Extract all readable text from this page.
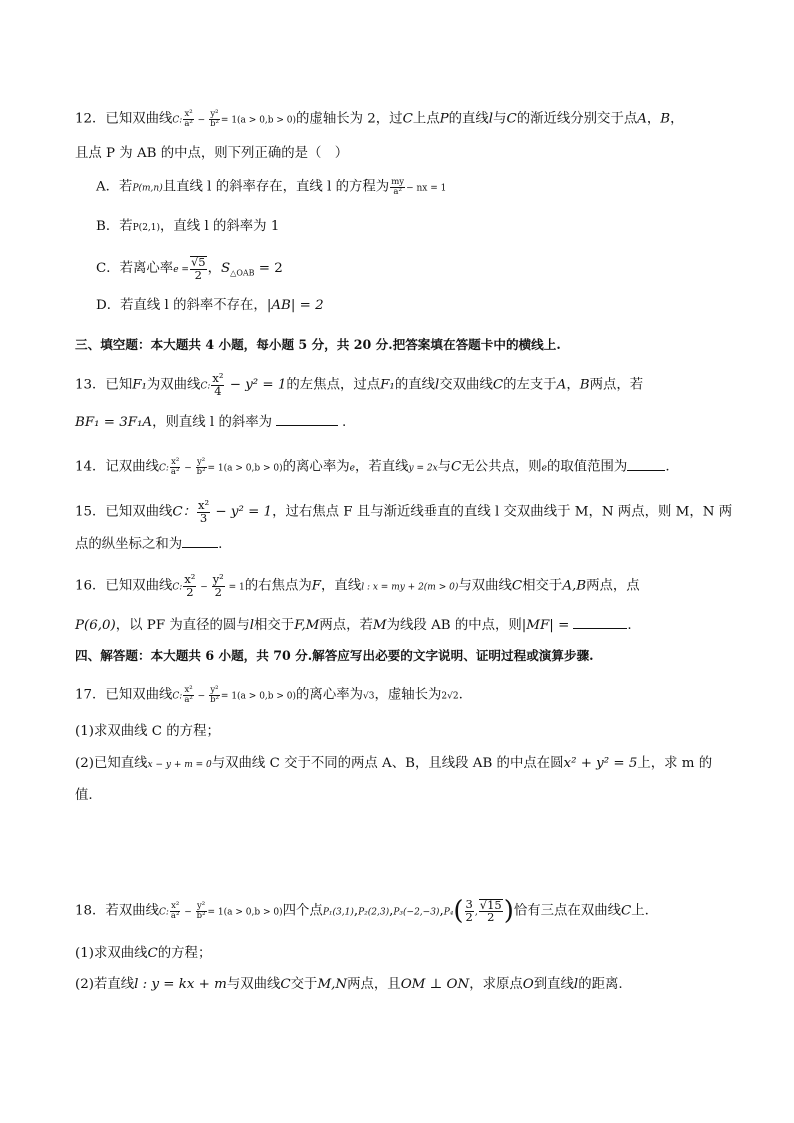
12．已知双曲线C: $\frac{\text{x²}}{\text{a²}} - \frac{\text{y²}}{\text{b²}} = 1(a > 0,b > 0)$的虚轴长为 2，过C上点P的直线l与C的渐近线分别交于点A，B，
且点 P 为 AB 的中点，则下列正确的是（　）
A．若P(m,n)且直线 l 的斜率存在，直线 l 的方程为 $\frac{my}{\text{a²}}$ − nx = 1
B．若P(2,1)，直线 l 的斜率为 1
C．若离心率$e = \frac{√5}{2}$ ，$S_{\triangle OAB} = 2$
D．若直线 l 的斜率不存在，|AB| = 2
三、填空题：本大题共 4 小题，每小题 5 分，共 20 分.把答案填在答题卡中的横线上.
13．已知F₁为双曲线C: $\frac{\text{x²}}{4} - y^2 = 1$的左焦点，过点F₁的直线l交双曲线C的左支于A，B两点，若
BF₁ = 3F₁A，则直线 l 的斜率为	.
14．记双曲线C: $\frac{\text{x²}}{\text{a²}} - \frac{\text{y²}}{\text{b²}} = 1(a > 0,b > 0)$的离心率为e，若直线y = 2x与C无公共点，则e的取值范围为	.
15．已知双曲线C： $\frac{\text{x²}}{3} - y^2 = 1$，过右焦点 F 且与渐近线垂直的直线 l 交双曲线于 M，N 两点，则 M，N 两
点的纵坐标之和为	.
16．已知双曲线C: $\frac{\text{x²}}{2} - \frac{\text{y²}}{2} = 1$的右焦点为F，直线l : x = my + 2(m > 0)与双曲线C相交于A,B两点，点
P(6,0)，以 PF 为直径的圆与l相交于F,M两点，若M为线段 AB 的中点，则|MF| =	.
四、解答题：本大题共 6 小题，共 70 分.解答应写出必要的文字说明、证明过程或演算步骤.
17．已知双曲线C: $\frac{\text{x²}}{\text{a²}} - \frac{\text{y²}}{\text{b²}} = 1(a > 0,b > 0)$的离心率为√3，虚轴长为2√2.
(1)求双曲线 C 的方程；
(2)已知直线x − y + m = 0与双曲线 C 交于不同的两点 A、B，且线段 AB 的中点在圆x² + y² = 5上，求 m 的
值.
18．若双曲线C: $\frac{\text{x²}}{\text{a²}} - \frac{\text{y²}}{\text{b²}} = 1(a > 0,b > 0)$四个点$P_1(3,1),P_2(2,3),P_3(-2,-3),P_4( \frac{3}{2}$ , $\frac{√15}{2}$ )恰有三点在双曲线C上.
(1)求双曲线C的方程；
(2)若直线l : y = kx + m与双曲线C交于M,N两点，且OM ⊥ ON，求原点O到直线l的距离.
